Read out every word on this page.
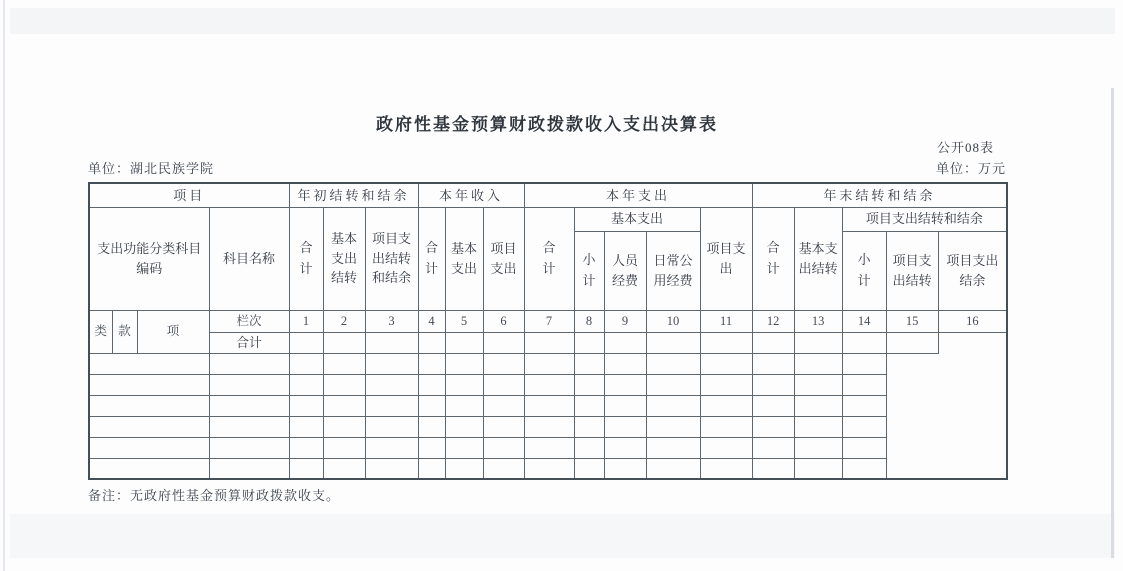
政府性基金预算财政拨款收入支出决算表
公开08表
单位：湖北民族学院	单位：万元
项目				年初结转和结余			本年收入			本年支出					年末结转和结余				
支出功能分类科目编码			科目名称	合计	基本支出结转	项目支出结转和结余	合计	基本支出	项目支出	合计	基本支出			项目支出	合计	基本支出结转	项目支出结转和结余		
											小计	人员经费	日常公用经费				小计	项目支出结转	项目支出结余
类	款	项	栏次	1	2	3	4	5	6	7	8	9	10	11	12	13	14	15	16
			合计																

备注：无政府性基金预算财政拨款收支。
